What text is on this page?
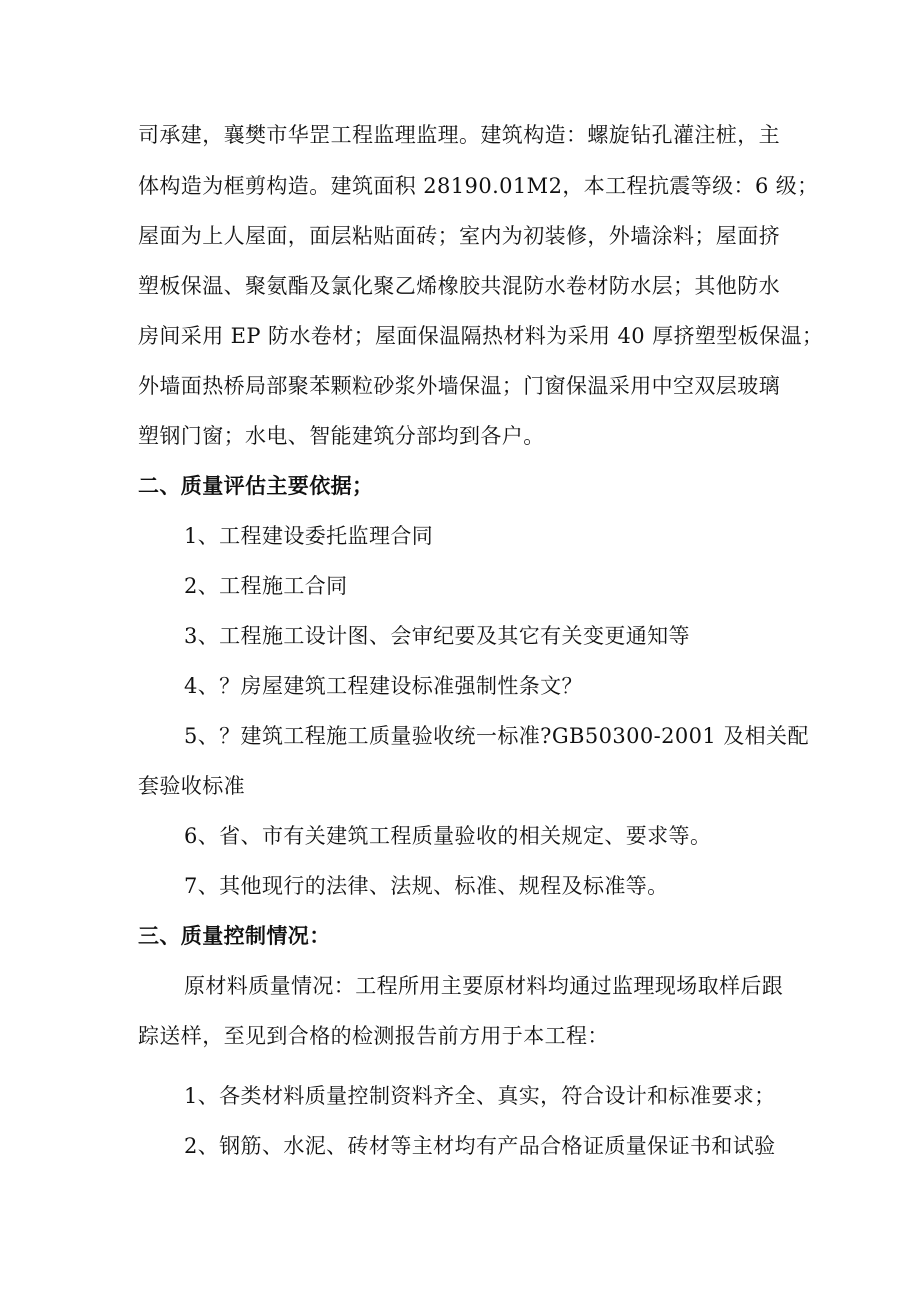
司承建，襄樊市华罡工程监理监理。建筑构造：螺旋钻孔灌注桩，主
体构造为框剪构造。建筑面积 28190.01M2，本工程抗震等级：6 级；
屋面为上人屋面，面层粘贴面砖；室内为初装修，外墙涂料；屋面挤
塑板保温、聚氨酯及氯化聚乙烯橡胶共混防水卷材防水层；其他防水
房间采用 EP 防水卷材；屋面保温隔热材料为采用 40 厚挤塑型板保温；
外墙面热桥局部聚苯颗粒砂浆外墙保温；门窗保温采用中空双层玻璃
塑钢门窗；水电、智能建筑分部均到各户。
二、质量评估主要依据；
1、工程建设委托监理合同
2、工程施工合同
3、工程施工设计图、会审纪要及其它有关变更通知等
4、？房屋建筑工程建设标准强制性条文？
5、？建筑工程施工质量验收统一标准?GB50300-2001 及相关配
套验收标准
6、省、市有关建筑工程质量验收的相关规定、要求等。
7、其他现行的法律、法规、标准、规程及标准等。
三、质量控制情况：
原材料质量情况：工程所用主要原材料均通过监理现场取样后跟
踪送样，至见到合格的检测报告前方用于本工程：
1、各类材料质量控制资料齐全、真实，符合设计和标准要求；
2、钢筋、水泥、砖材等主材均有产品合格证质量保证书和试验
